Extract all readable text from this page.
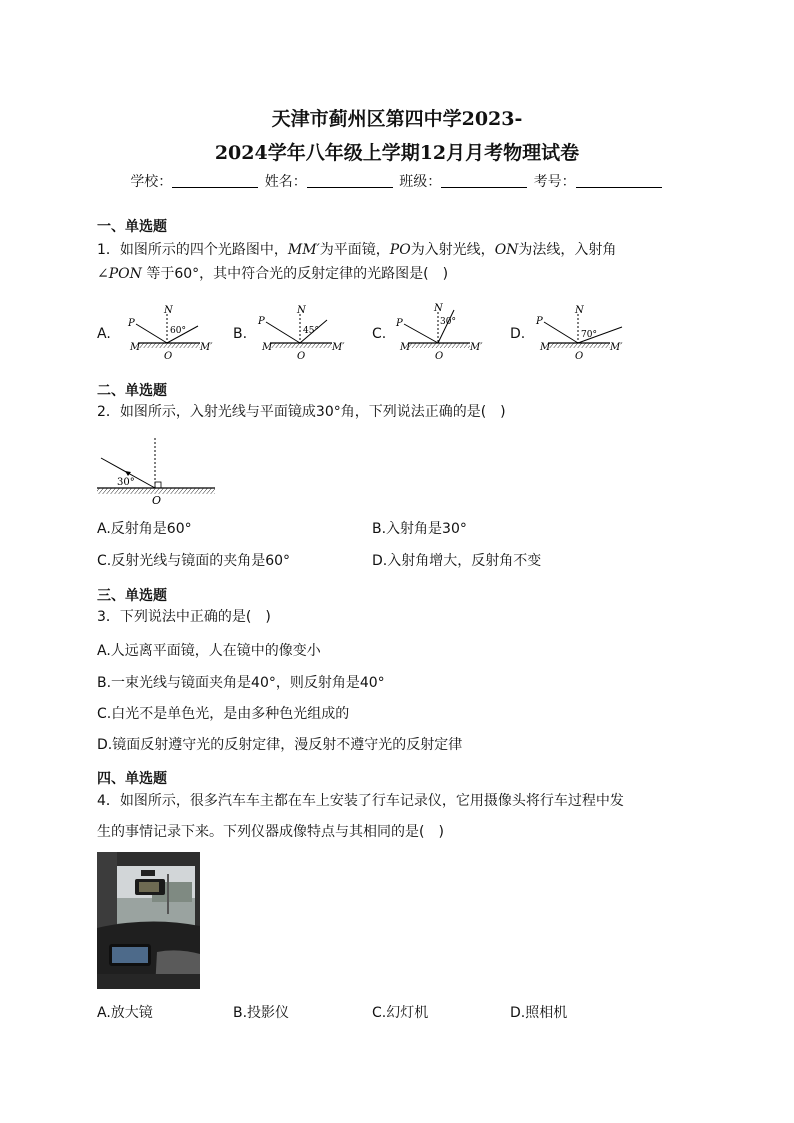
天津市蓟州区第四中学2023-
2024学年八年级上学期12月月考物理试卷
学校：	姓名：	班级：	考号：
一、单选题
1．如图所示的四个光路图中，MM′为平面镜，PO为入射光线，ON为法线，入射角
∠PON 等于60°，其中符合光的反射定律的光路图是(　)
A.	B.	C.	D.
P
N
60°
M	M′
O
P
N
45°
M	M′
O
P
N
30°
M	M′
O
P
N
70°
M	M′
O
二、单选题
2．如图所示，入射光线与平面镜成30°角，下列说法正确的是(　)
30°
O
A.反射角是60°	B.入射角是30°
C.反射光线与镜面的夹角是60°	D.入射角增大，反射角不变
三、单选题
3．下列说法中正确的是(　)
A.人远离平面镜，人在镜中的像变小
B.一束光线与镜面夹角是40°，则反射角是40°
C.白光不是单色光，是由多种色光组成的
D.镜面反射遵守光的反射定律，漫反射不遵守光的反射定律
四、单选题
4．如图所示，很多汽车车主都在车上安装了行车记录仪，它用摄像头将行车过程中发
生的事情记录下来。下列仪器成像特点与其相同的是(　)
A.放大镜	B.投影仪	C.幻灯机	D.照相机
